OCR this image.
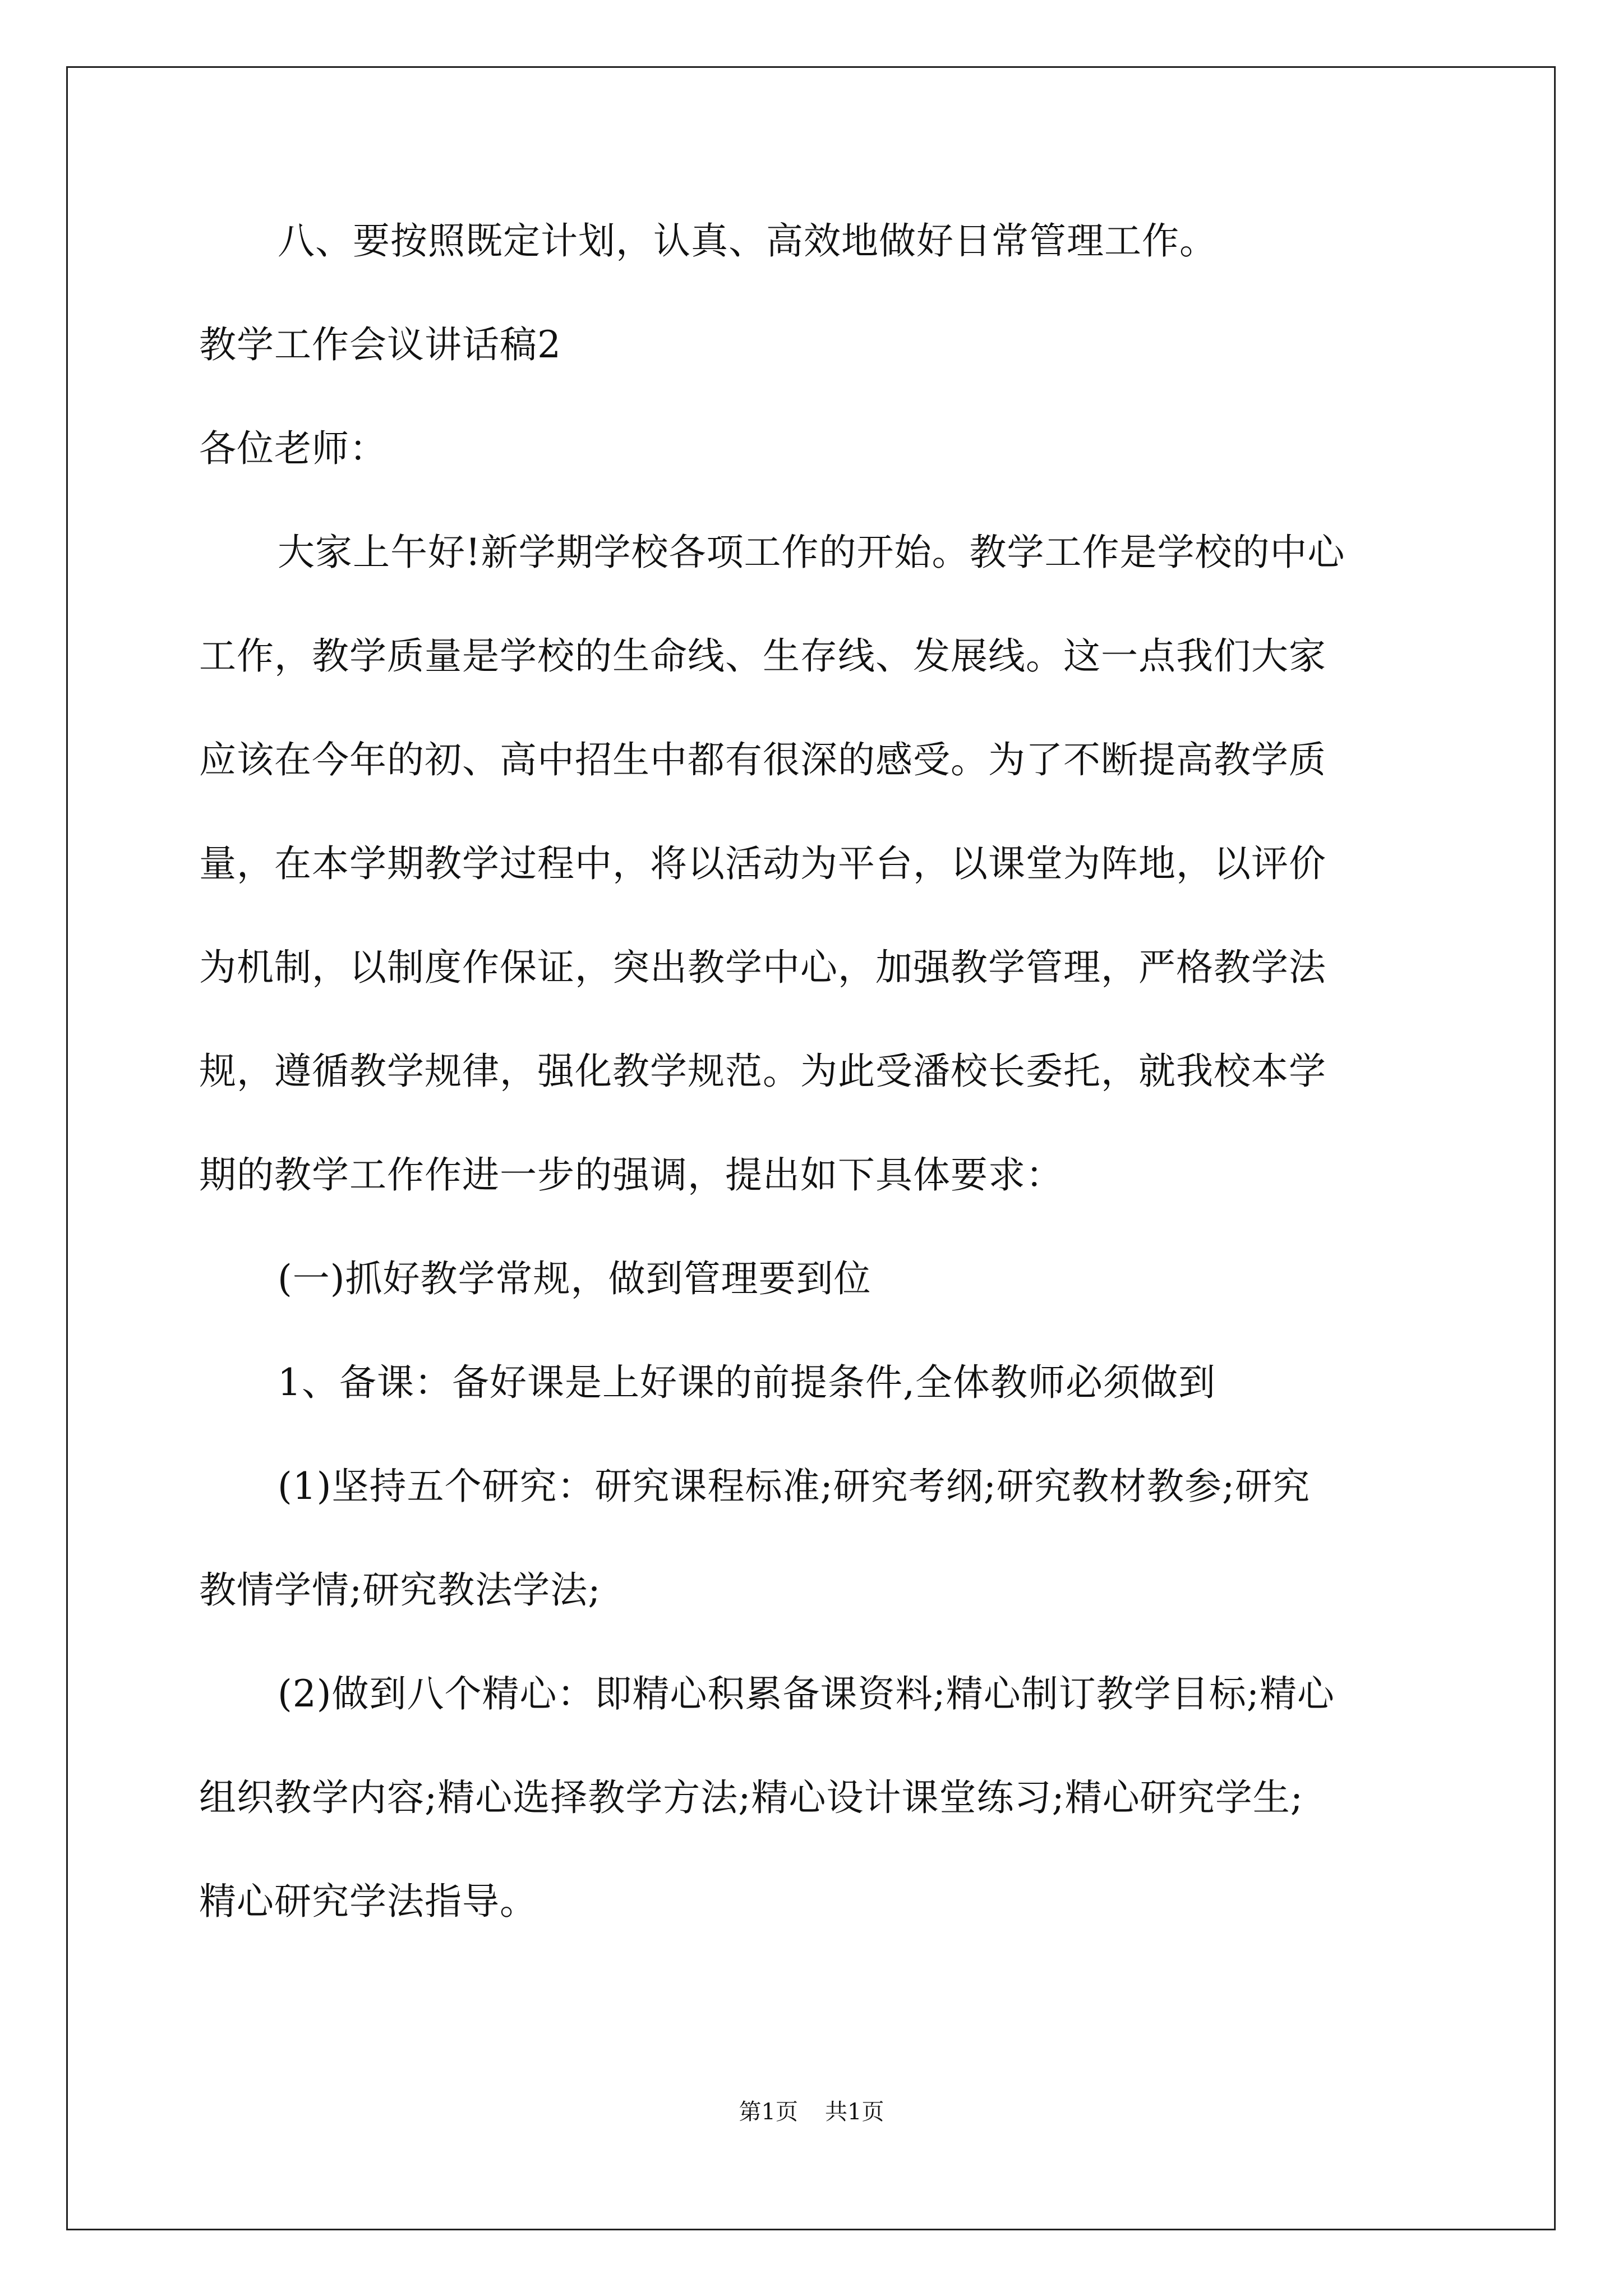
八、要按照既定计划，认真、高效地做好日常管理工作。
教学工作会议讲话稿2
各位老师：
大家上午好!新学期学校各项工作的开始。教学工作是学校的中心
工作，教学质量是学校的生命线、生存线、发展线。这一点我们大家
应该在今年的初、高中招生中都有很深的感受。为了不断提高教学质
量，在本学期教学过程中，将以活动为平台，以课堂为阵地，以评价
为机制，以制度作保证，突出教学中心，加强教学管理，严格教学法
规，遵循教学规律，强化教学规范。为此受潘校长委托，就我校本学
期的教学工作作进一步的强调，提出如下具体要求：
(一)抓好教学常规，做到管理要到位
1、备课：备好课是上好课的前提条件,全体教师必须做到
(1)坚持五个研究：研究课程标准;研究考纲;研究教材教参;研究
教情学情;研究教法学法;
(2)做到八个精心：即精心积累备课资料;精心制订教学目标;精心
组织教学内容;精心选择教学方法;精心设计课堂练习;精心研究学生;
精心研究学法指导。
第1页 共1页
